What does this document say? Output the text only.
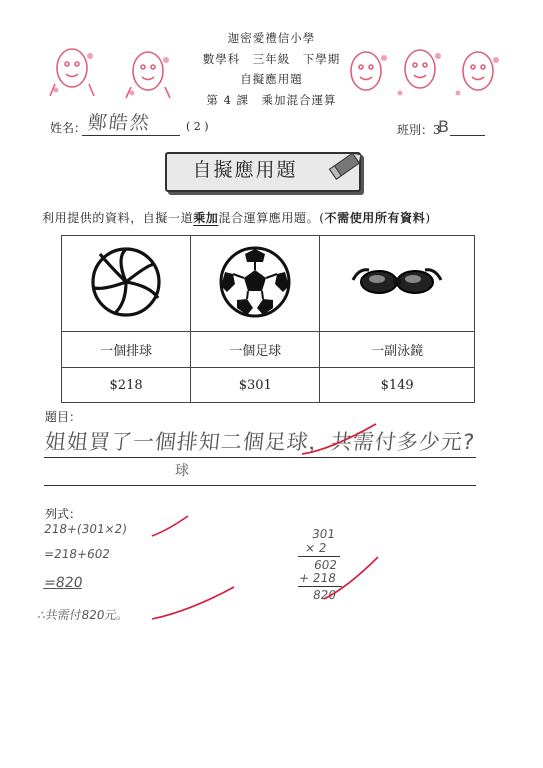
迦密愛禮信小學
數學科　三年級　下學期
自擬應用題
第 4 課　乘加混合運算
姓名： 鄭皓然	( 2 )	班別：3
B
自擬應用題
利用提供的資料，自擬一道乘加混合運算應用題。(不需使用所有資料)

一個排球	一個足球	一副泳鏡
$218	$301	$149
題目：
姐姐買了一個排知二個足球，共需付多少元?
球
列式：
218+(301×2)
=218+602
=820
∴共需付820元。
301
× 2
602
+ 218
820
